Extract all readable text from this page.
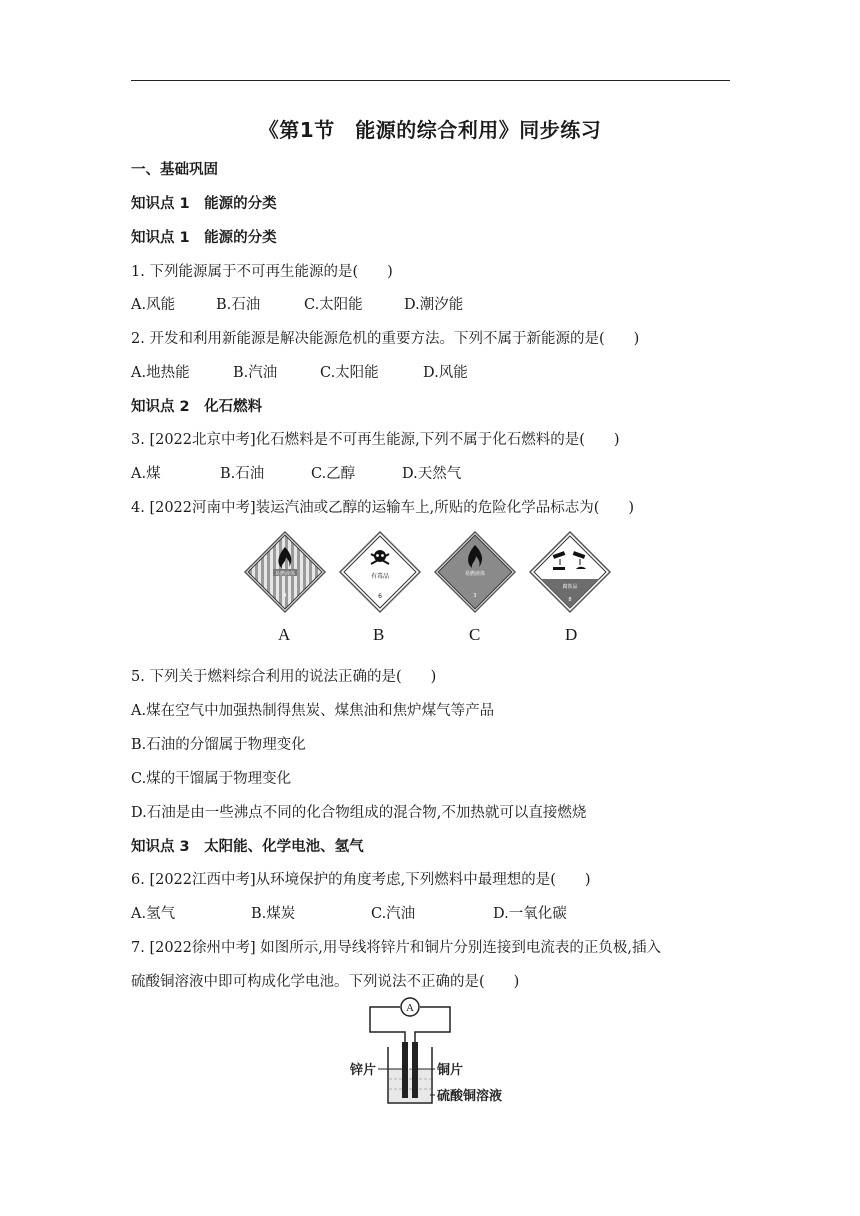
《第1节　能源的综合利用》同步练习
一、基础巩固
知识点 1　能源的分类
知识点 1　能源的分类
1. 下列能源属于不可再生能源的是(　　)
A.风能	B.石油	C.太阳能	D.潮汐能
2. 开发和利用新能源是解决能源危机的重要方法。下列不属于新能源的是(　　)
A.地热能	B.汽油	C.太阳能	D.风能
知识点 2　化石燃料
3. [2022北京中考]化石燃料是不可再生能源,下列不属于化石燃料的是(　　)
A.煤	B.石油	C.乙醇	D.天然气
4. [2022河南中考]装运汽油或乙醇的运输车上,所贴的危险化学品标志为(　　)
易燃液体
4
有毒品
6
易燃液体
3
腐蚀品
8
A	B	C	D
5. 下列关于燃料综合利用的说法正确的是(　　)
A.煤在空气中加强热制得焦炭、煤焦油和焦炉煤气等产品
B.石油的分馏属于物理变化
C.煤的干馏属于物理变化
D.石油是由一些沸点不同的化合物组成的混合物,不加热就可以直接燃烧
知识点 3　太阳能、化学电池、氢气
6. [2022江西中考]从环境保护的角度考虑,下列燃料中最理想的是(　　)
A.氢气	B.煤炭	C.汽油	D.一氧化碳
7. [2022徐州中考] 如图所示,用导线将锌片和铜片分别连接到电流表的正负极,插入
硫酸铜溶液中即可构成化学电池。下列说法不正确的是(　　)
A
锌片	铜片
硫酸铜溶液
